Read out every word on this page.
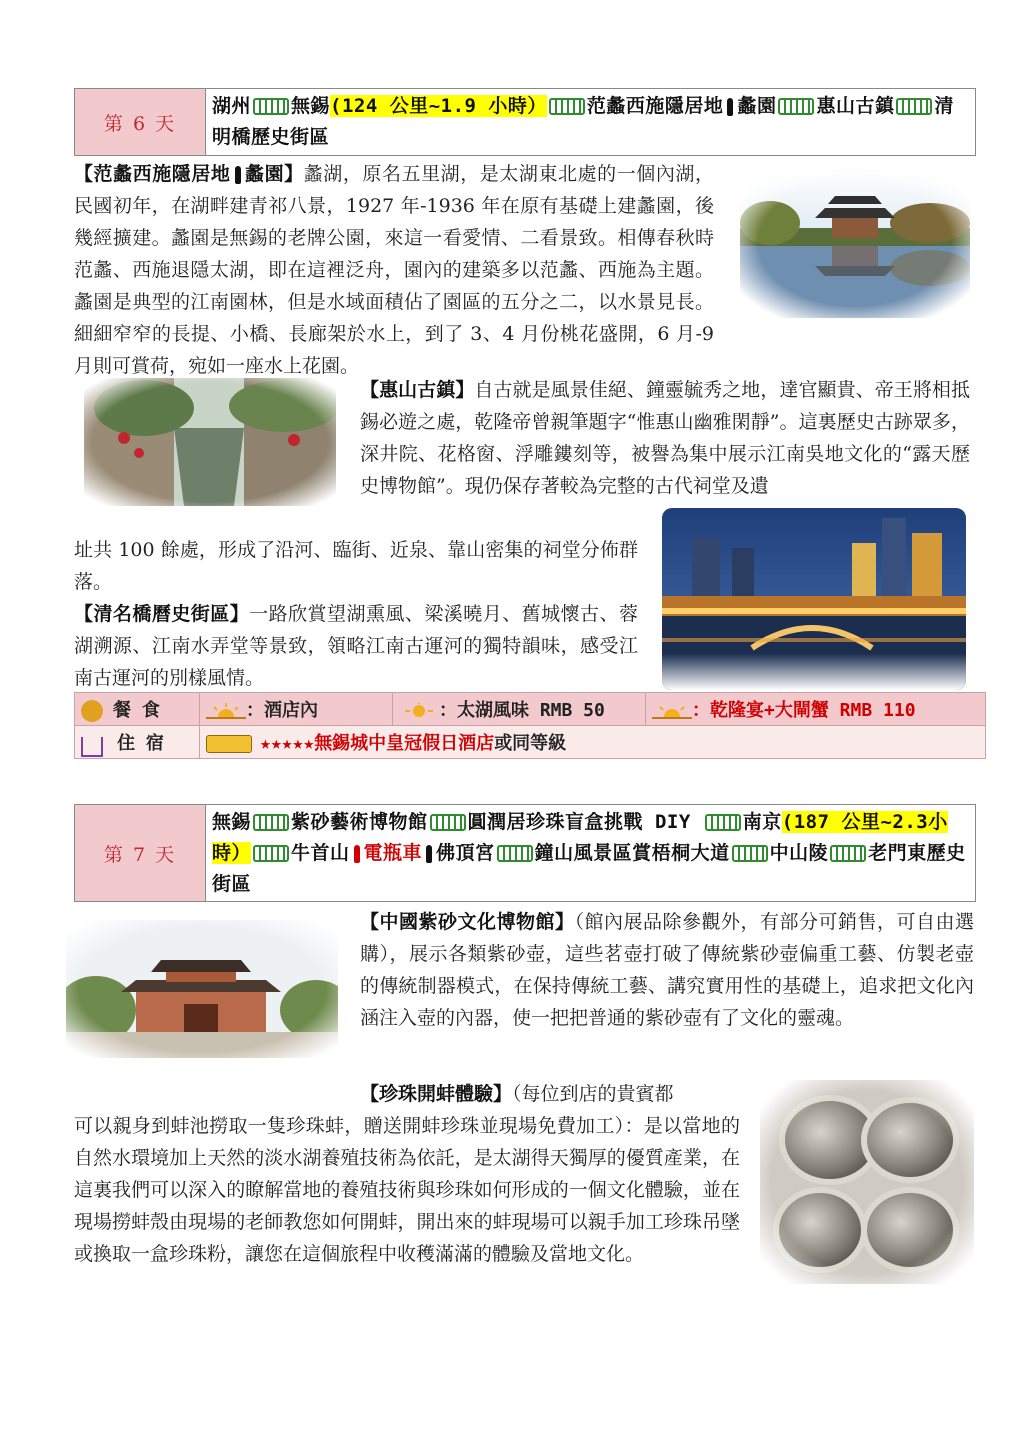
第 6 天
湖州 無錫(124 公里~1.9 小時） 范蠡西施隱居地 蠡園 惠山古鎮 清明橋歷史街區
【范蠡西施隱居地 蠡園】蠡湖，原名五里湖，是太湖東北處的一個內湖，民國初年，在湖畔建青祁八景，1927 年-1936 年在原有基礎上建蠡園，後幾經擴建。蠡園是無錫的老牌公園，來這一看愛情、二看景致。相傳春秋時范蠡、西施退隱太湖，即在這裡泛舟，園內的建築多以范蠡、西施為主題。蠡園是典型的江南園林，但是水域面積佔了園區的五分之二，以水景見長。細細窄窄的長提、小橋、長廊架於水上，到了 3、4 月份桃花盛開，6 月-9 月則可賞荷，宛如一座水上花園。
【惠山古鎮】自古就是風景佳絕、鐘靈毓秀之地，達官顯貴、帝王將相抵錫必遊之處，乾隆帝曾親筆題字“惟惠山幽雅閑靜”。這裏歷史古跡眾多，深井院、花格窗、浮雕鏤刻等，被譽為集中展示江南吳地文化的“露天歷史博物館”。現仍保存著較為完整的古代祠堂及遺
址共 100 餘處，形成了沿河、臨街、近泉、靠山密集的祠堂分佈群落。
【清名橋曆史街區】一路欣賞望湖熏風、梁溪曉月、舊城懷古、蓉湖溯源、江南水弄堂等景致，領略江南古運河的獨特韻味，感受江南古運河的別樣風情。
餐 食	：酒店內	：太湖風味 RMB 50	：乾隆宴+大閘蟹 RMB 110
住 宿	★★★★★無錫城中皇冠假日酒店或同等級		
第 7 天
無錫 紫砂藝術博物館 圓潤居珍珠盲盒挑戰 DIY	南京(187 公里~2.3小時） 牛首山 電瓶車 佛頂宮 鐘山風景區賞梧桐大道 中山陵 老門東歷史街區
【中國紫砂文化博物館】（館內展品除參觀外，有部分可銷售，可自由選購），展示各類紫砂壺，這些茗壺打破了傳統紫砂壺偏重工藝、仿製老壺的傳統制器模式，在保持傳統工藝、講究實用性的基礎上，追求把文化內涵注入壺的內器，使一把把普通的紫砂壺有了文化的靈魂。
【珍珠開蚌體驗】（每位到店的貴賓都
可以親身到蚌池撈取一隻珍珠蚌，贈送開蚌珍珠並現場免費加工）：是以當地的自然水環境加上天然的淡水湖養殖技術為依託，是太湖得天獨厚的優質產業，在這裏我們可以深入的瞭解當地的養殖技術與珍珠如何形成的一個文化體驗，並在現場撈蚌殼由現場的老師教您如何開蚌，開出來的蚌現場可以親手加工珍珠吊墜或換取一盒珍珠粉，讓您在這個旅程中收穫滿滿的體驗及當地文化。
